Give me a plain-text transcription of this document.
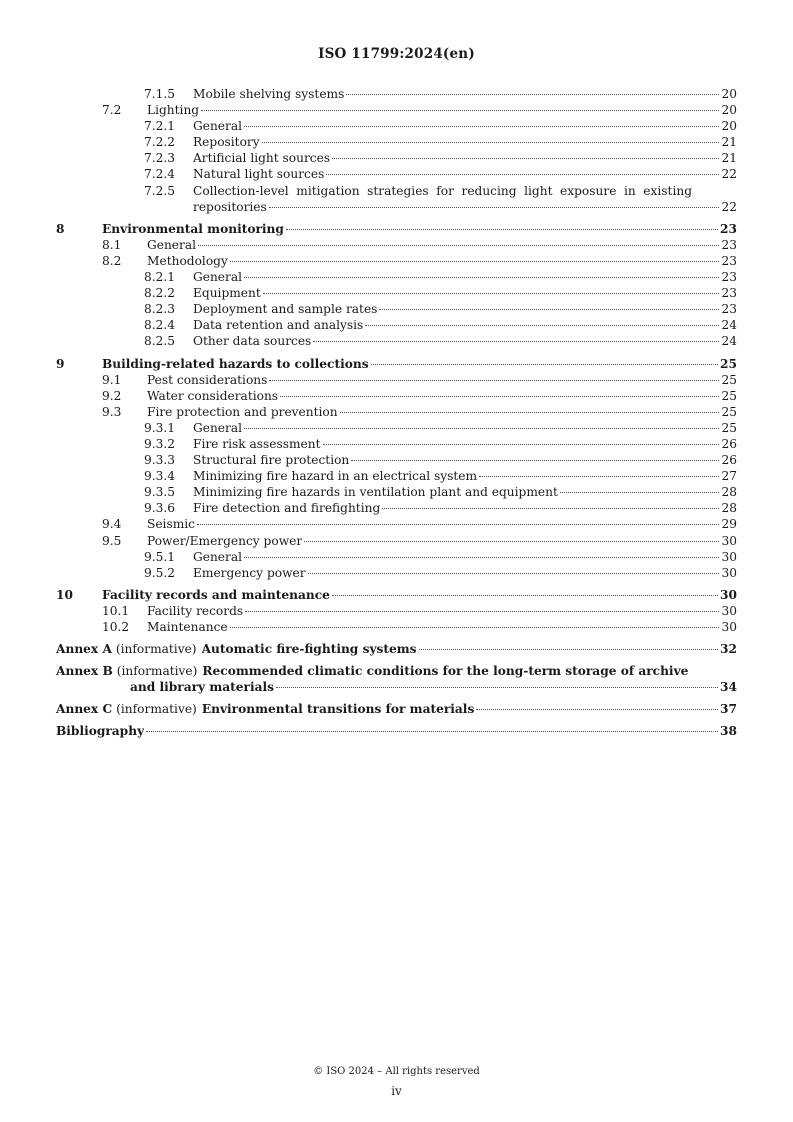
ISO 11799:2024(en)
7.1.5	Mobile shelving systems	20
7.2	Lighting	20
7.2.1	General	20
7.2.2	Repository	21
7.2.3	Artificial light sources	21
7.2.4	Natural light sources	22
7.2.5	Collection-level mitigation strategies for reducing light exposure in existing
repositories	22
8	Environmental monitoring	23
8.1	General	23
8.2	Methodology	23
8.2.1	General	23
8.2.2	Equipment	23
8.2.3	Deployment and sample rates	23
8.2.4	Data retention and analysis	24
8.2.5	Other data sources	24
9	Building-related hazards to collections	25
9.1	Pest considerations	25
9.2	Water considerations	25
9.3	Fire protection and prevention	25
9.3.1	General	25
9.3.2	Fire risk assessment	26
9.3.3	Structural fire protection	26
9.3.4	Minimizing fire hazard in an electrical system	27
9.3.5	Minimizing fire hazards in ventilation plant and equipment	28
9.3.6	Fire detection and firefighting	28
9.4	Seismic	29
9.5	Power/Emergency power	30
9.5.1	General	30
9.5.2	Emergency power	30
10	Facility records and maintenance	30
10.1	Facility records	30
10.2	Maintenance	30
Annex A (informative) Automatic fire-fighting systems	32
Annex B (informative) Recommended climatic conditions for the long-term storage of archive
and library materials	34
Annex C (informative) Environmental transitions for materials	37
Bibliography	38
© ISO 2024 – All rights reserved
iv
